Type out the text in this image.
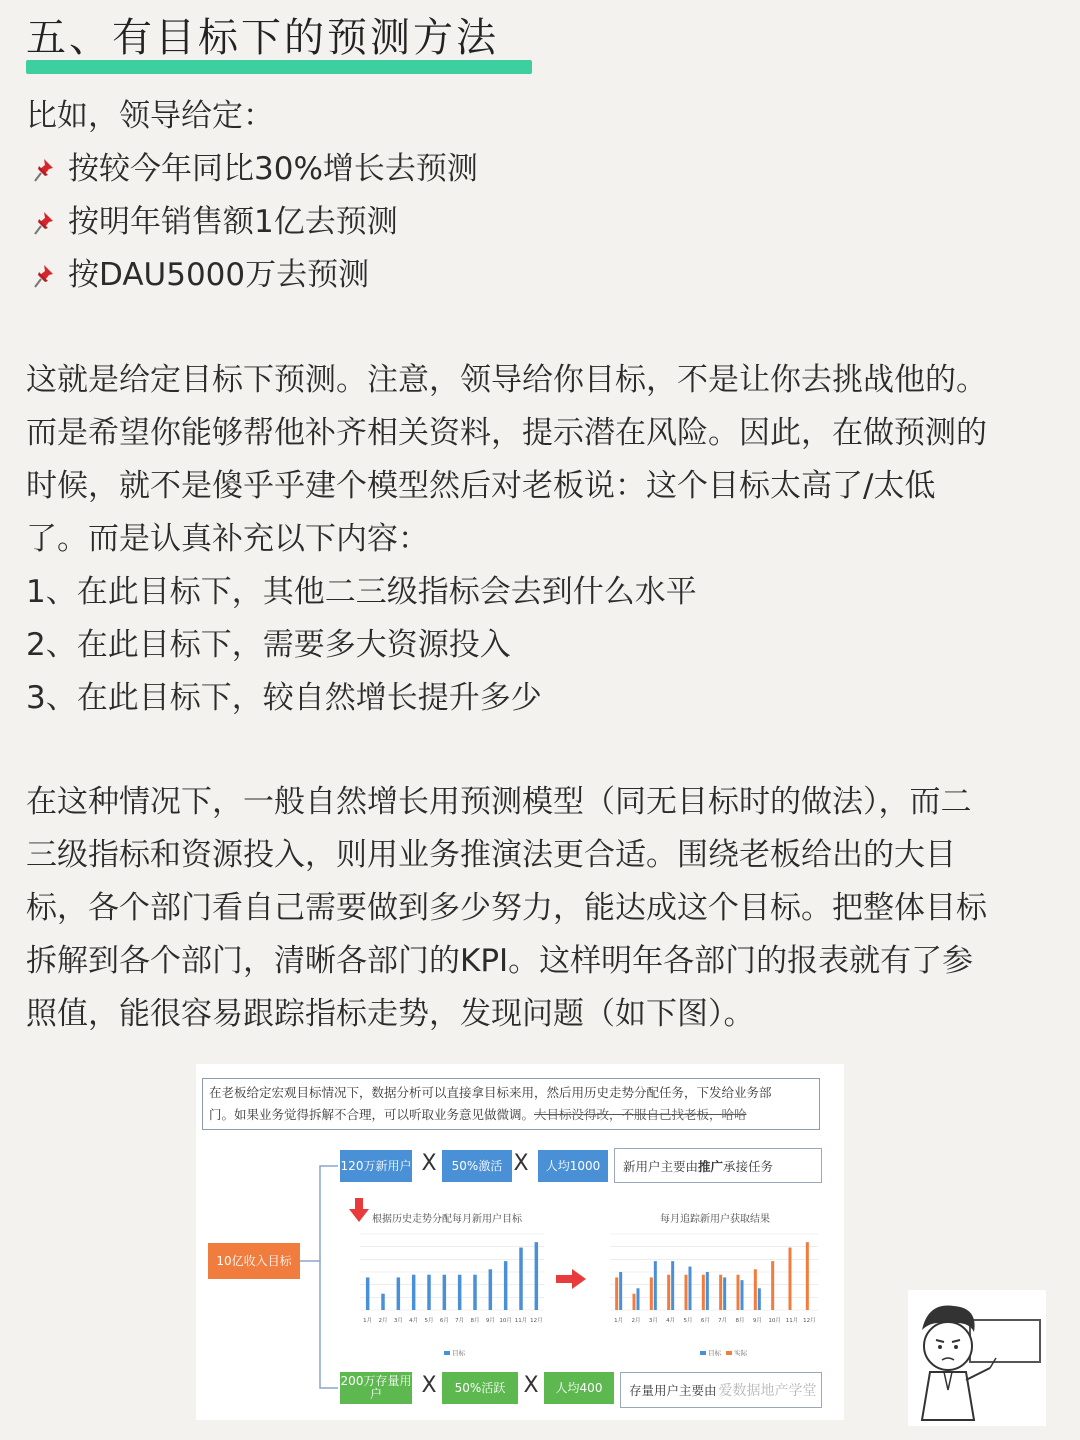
五、有目标下的预测方法
比如，领导给定：
按较今年同比30%增长去预测
按明年销售额1亿去预测
按DAU5000万去预测
这就是给定目标下预测。注意，领导给你目标，不是让你去挑战他的。
而是希望你能够帮他补齐相关资料，提示潜在风险。因此，在做预测的
时候，就不是傻乎乎建个模型然后对老板说：这个目标太高了/太低
了。而是认真补充以下内容：
1、在此目标下，其他二三级指标会去到什么水平
2、在此目标下，需要多大资源投入
3、在此目标下，较自然增长提升多少
在这种情况下，一般自然增长用预测模型（同无目标时的做法），而二
三级指标和资源投入，则用业务推演法更合适。围绕老板给出的大目
标，各个部门看自己需要做到多少努力，能达成这个目标。把整体目标
拆解到各个部门，清晰各部门的KPI。这样明年各部门的报表就有了参
照值，能很容易跟踪指标走势，发现问题（如下图）。
在老板给定宏观目标情况下，数据分析可以直接拿目标来用，然后用历史走势分配任务，下发给业务部
门。如果业务觉得拆解不合理，可以听取业务意见做微调。大目标没得改，不服自己找老板，哈哈
10亿收入目标
120万新用户 X	50%激活 X	人均1000	新用户主要由 推广 承接任务
200万存量用户	X	50%活跃 X	人均400	存量用户主要由 爱数据地产学堂
根据历史走势分配每月新用户目标	每月追踪新用户获取结果
1月 2月 3月 4月 5月 6月 7月 8月 9月 10月 11月 12月	1月 2月 3月 4月 5月 6月 7月 8月 9月 10月 11月 12月
目标	目标 实际
